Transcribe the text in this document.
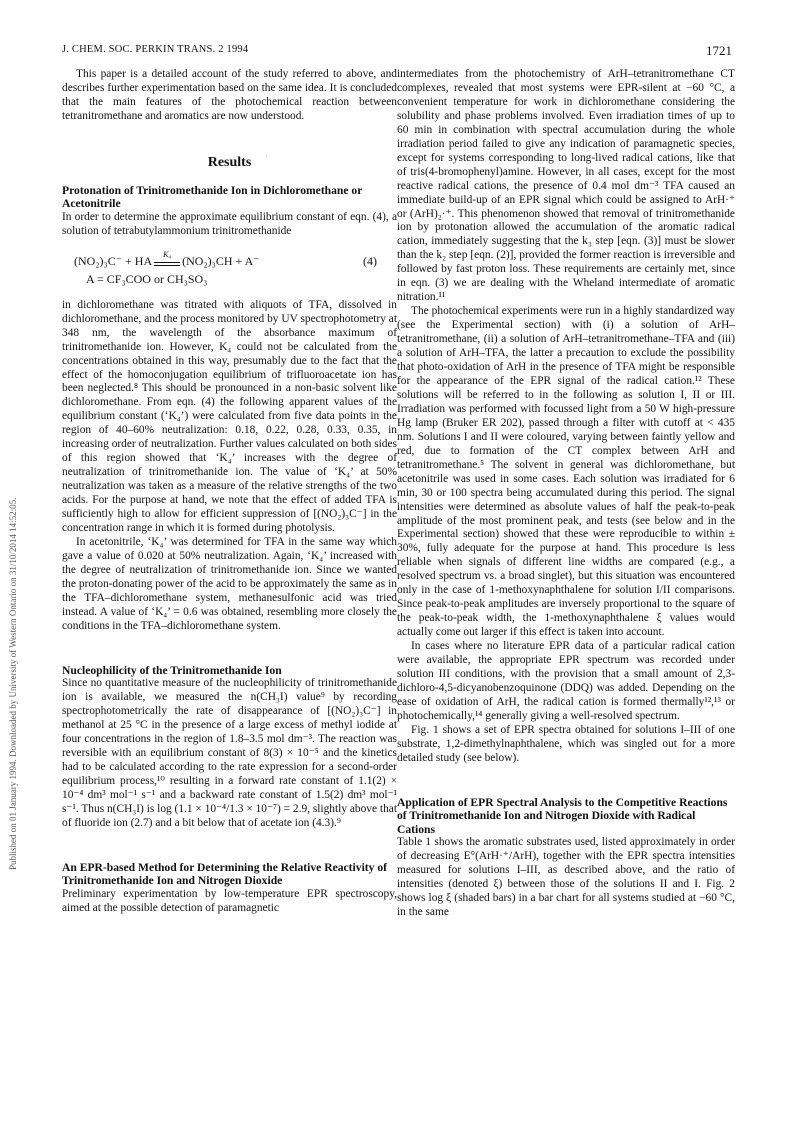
J. CHEM. SOC. PERKIN TRANS. 2 1994	1721
Published on 01 January 1994. Downloaded by University of Western Ontario on 31/10/2014 14:52:05.
·

This paper is a detailed account of the study referred to above, and describes further experimentation based on the same idea. It is concluded that the main features of the photochemical reaction between tetranitromethane and aromatics are now understood.

Results
Protonation of Trinitromethanide Ion in Dichloromethane or Acetonitrile

In order to determine the approximate equilibrium constant of eqn. (4), a solution of tetrabutylammonium trinitromethanide

(NO₂)₃C⁻ + HA	K₄ (NO₂)₃CH + A⁻	(4)
A = CF₃COO or CH₃SO₃

in dichloromethane was titrated with aliquots of TFA, dissolved in dichloromethane, and the process monitored by UV spectrophotometry at 348 nm, the wavelength of the absorbance maximum of trinitromethanide ion. However, K₄ could not be calculated from the concentrations obtained in this way, presumably due to the fact that the effect of the homoconjugation equilibrium of trifluoroacetate ion has been neglected.⁸ This should be pronounced in a non-basic solvent like dichloromethane. From eqn. (4) the following apparent values of the equilibrium constant (‘K₄’) were calculated from five data points in the region of 40–60% neutralization: 0.18, 0.22, 0.28, 0.33, 0.35, in increasing order of neutralization. Further values calculated on both sides of this region showed that ‘K₄’ increases with the degree of neutralization of trinitromethanide ion. The value of ‘K₄’ at 50% neutralization was taken as a measure of the relative strengths of the two acids. For the purpose at hand, we note that the effect of added TFA is sufficiently high to allow for efficient suppression of [(NO₂)₃C⁻] in the concentration range in which it is formed during photolysis.

In acetonitrile, ‘K₄’ was determined for TFA in the same way which gave a value of 0.020 at 50% neutralization. Again, ‘K₄’ increased with the degree of neutralization of trinitromethanide ion. Since we wanted the proton-donating power of the acid to be approximately the same as in the TFA–dichloromethane system, methanesulfonic acid was tried instead. A value of ‘K₄’ = 0.6 was obtained, resembling more closely the conditions in the TFA–dichloromethane system.

Nucleophilicity of the Trinitromethanide Ion

Since no quantitative measure of the nucleophilicity of trinitromethanide ion is available, we measured the n(CH₃I) value⁹ by recording spectrophotometrically the rate of disappearance of [(NO₂)₃C⁻] in methanol at 25 °C in the presence of a large excess of methyl iodide at four concentrations in the region of 1.8–3.5 mol dm⁻³. The reaction was reversible with an equilibrium constant of 8(3) × 10⁻⁵ and the kinetics had to be calculated according to the rate expression for a second-order equilibrium process,¹⁰ resulting in a forward rate constant of 1.1(2) × 10⁻⁴ dm³ mol⁻¹ s⁻¹ and a backward rate constant of 1.5(2) dm³ mol⁻¹ s⁻¹. Thus n(CH₃I) is log (1.1 × 10⁻⁴/1.3 × 10⁻⁷) = 2.9, slightly above that of fluoride ion (2.7) and a bit below that of acetate ion (4.3).⁹

An EPR-based Method for Determining the Relative Reactivity of Trinitromethanide Ion and Nitrogen Dioxide

Preliminary experimentation by low-temperature EPR spectroscopy, aimed at the possible detection of paramagnetic

intermediates from the photochemistry of ArH–tetranitromethane CT complexes, revealed that most systems were EPR-silent at −60 °C, a convenient temperature for work in dichloromethane considering the solubility and phase problems involved. Even irradiation times of up to 60 min in combination with spectral accumulation during the whole irradiation period failed to give any indication of paramagnetic species, except for systems corresponding to long-lived radical cations, like that of tris(4-bromophenyl)amine. However, in all cases, except for the most reactive radical cations, the presence of 0.4 mol dm⁻³ TFA caused an immediate build-up of an EPR signal which could be assigned to ArH·⁺ or (ArH)₂·⁺. This phenomenon showed that removal of trinitromethanide ion by protonation allowed the accumulation of the aromatic radical cation, immediately suggesting that the k₃ step [eqn. (3)] must be slower than the k₂ step [eqn. (2)], provided the former reaction is irreversible and followed by fast proton loss. These requirements are certainly met, since in eqn. (3) we are dealing with the Wheland intermediate of aromatic nitration.¹¹

The photochemical experiments were run in a highly standardized way (see the Experimental section) with (i) a solution of ArH–tetranitromethane, (ii) a solution of ArH–tetranitromethane–TFA and (iii) a solution of ArH–TFA, the latter a precaution to exclude the possibility that photo-oxidation of ArH in the presence of TFA might be responsible for the appearance of the EPR signal of the radical cation.¹² These solutions will be referred to in the following as solution I, II or III. Irradiation was performed with focussed light from a 50 W high-pressure Hg lamp (Bruker ER 202), passed through a filter with cutoff at < 435 nm. Solutions I and II were coloured, varying between faintly yellow and red, due to formation of the CT complex between ArH and tetranitromethane.⁵ The solvent in general was dichloromethane, but acetonitrile was used in some cases. Each solution was irradiated for 6 min, 30 or 100 spectra being accumulated during this period. The signal intensities were determined as absolute values of half the peak-to-peak amplitude of the most prominent peak, and tests (see below and in the Experimental section) showed that these were reproducible to within ± 30%, fully adequate for the purpose at hand. This procedure is less reliable when signals of different line widths are compared (e.g., a resolved spectrum vs. a broad singlet), but this situation was encountered only in the case of 1-methoxynaphthalene for solution I/II comparisons. Since peak-to-peak amplitudes are inversely proportional to the square of the peak-to-peak width, the 1-methoxynaphthalene ξ values would actually come out larger if this effect is taken into account.

In cases where no literature EPR data of a particular radical cation were available, the appropriate EPR spectrum was recorded under solution III conditions, with the provision that a small amount of 2,3-dichloro-4,5-dicyanobenzoquinone (DDQ) was added. Depending on the ease of oxidation of ArH, the radical cation is formed thermally¹²,¹³ or photochemically,¹⁴ generally giving a well-resolved spectrum.

Fig. 1 shows a set of EPR spectra obtained for solutions I–III of one substrate, 1,2-dimethylnaphthalene, which was singled out for a more detailed study (see below).

Application of EPR Spectral Analysis to the Competitive Reactions of Trinitromethanide Ion and Nitrogen Dioxide with Radical Cations

Table 1 shows the aromatic substrates used, listed approximately in order of decreasing E°(ArH·⁺/ArH), together with the EPR spectra intensities measured for solutions I–III, as described above, and the ratio of intensities (denoted ξ) between those of the solutions II and I. Fig. 2 shows log ξ (shaded bars) in a bar chart for all systems studied at −60 °C, in the same
